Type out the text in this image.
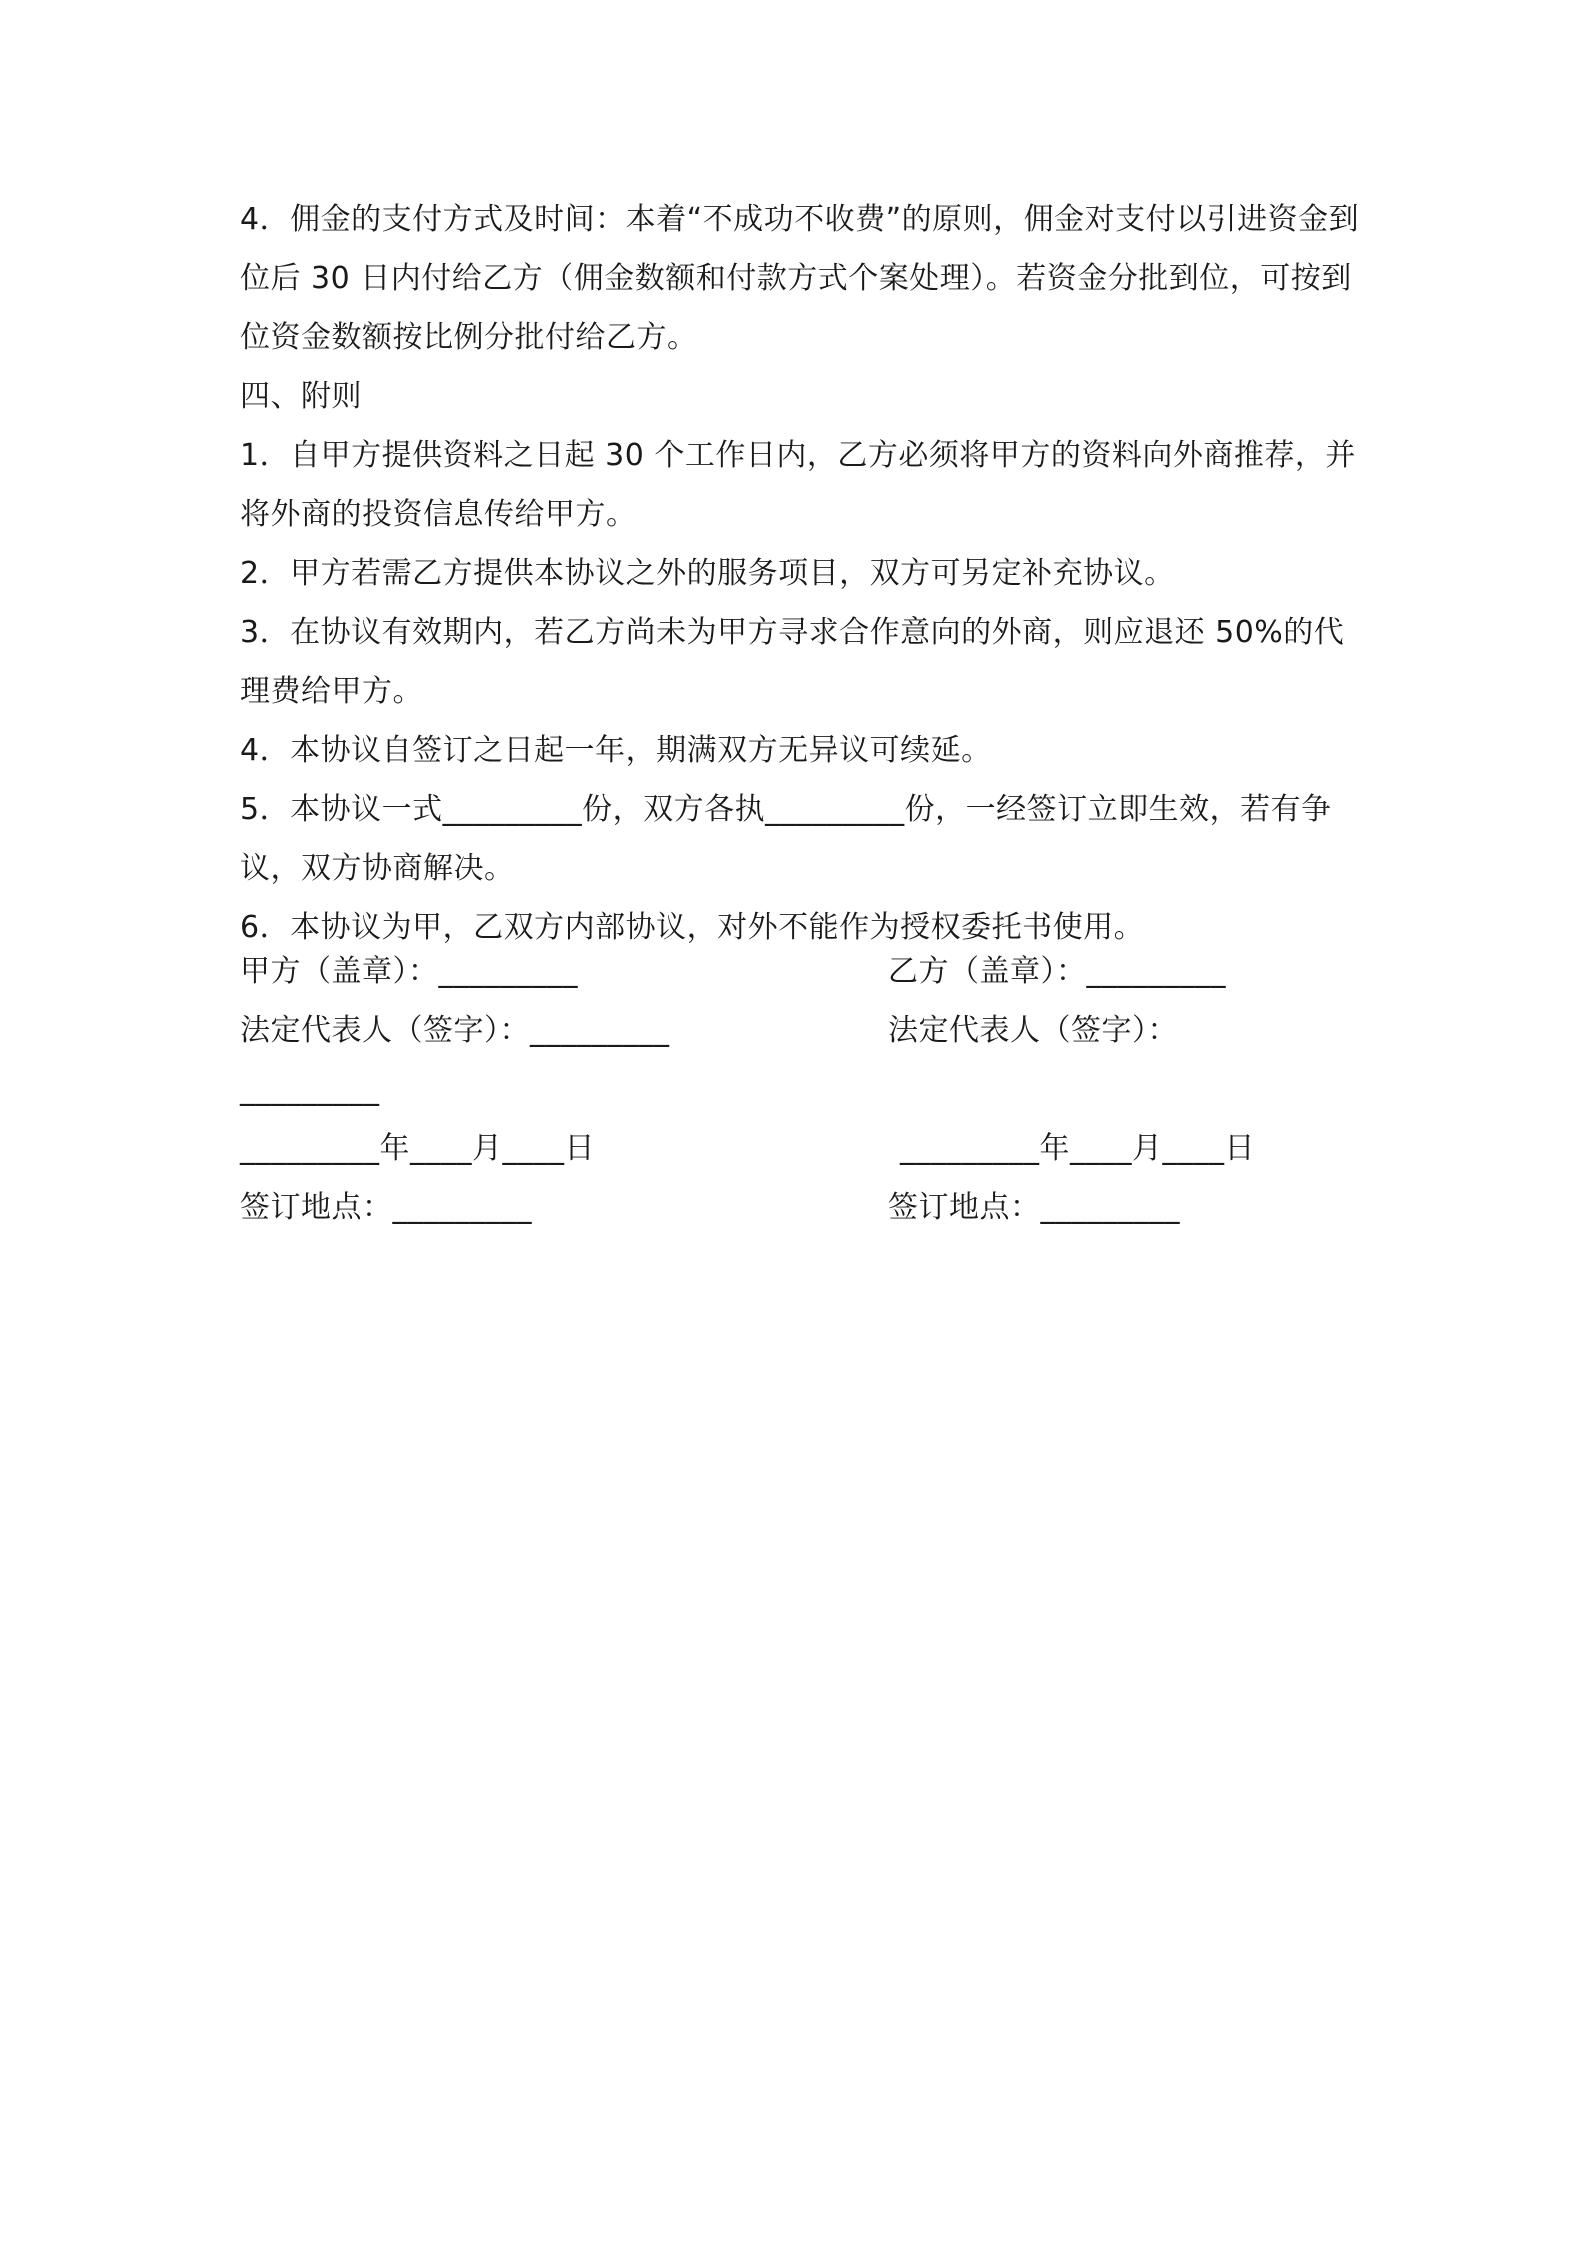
4．佣金的支付方式及时间：本着“不成功不收费”的原则，佣金对支付以引进资金到位后 30 日内付给乙方（佣金数额和付款方式个案处理）。若资金分批到位，可按到位资金数额按比例分批付给乙方。

四、附则

1．自甲方提供资料之日起 30 个工作日内，乙方必须将甲方的资料向外商推荐，并将外商的投资信息传给甲方。

2．甲方若需乙方提供本协议之外的服务项目，双方可另定补充协议。

3．在协议有效期内，若乙方尚未为甲方寻求合作意向的外商，则应退还 50%的代理费给甲方。

4．本协议自签订之日起一年，期满双方无异议可续延。

5．本协议一式_________份，双方各执_________份，一经签订立即生效，若有争议，双方协商解决。

6．本协议为甲，乙双方内部协议，对外不能作为授权委托书使用。

甲方（盖章）：_________	乙方（盖章）：_________
法定代表人（签字）：_________	法定代表人（签字）：
_________
_________年____月____日	_________年____月____日
签订地点：_________	签订地点：_________
